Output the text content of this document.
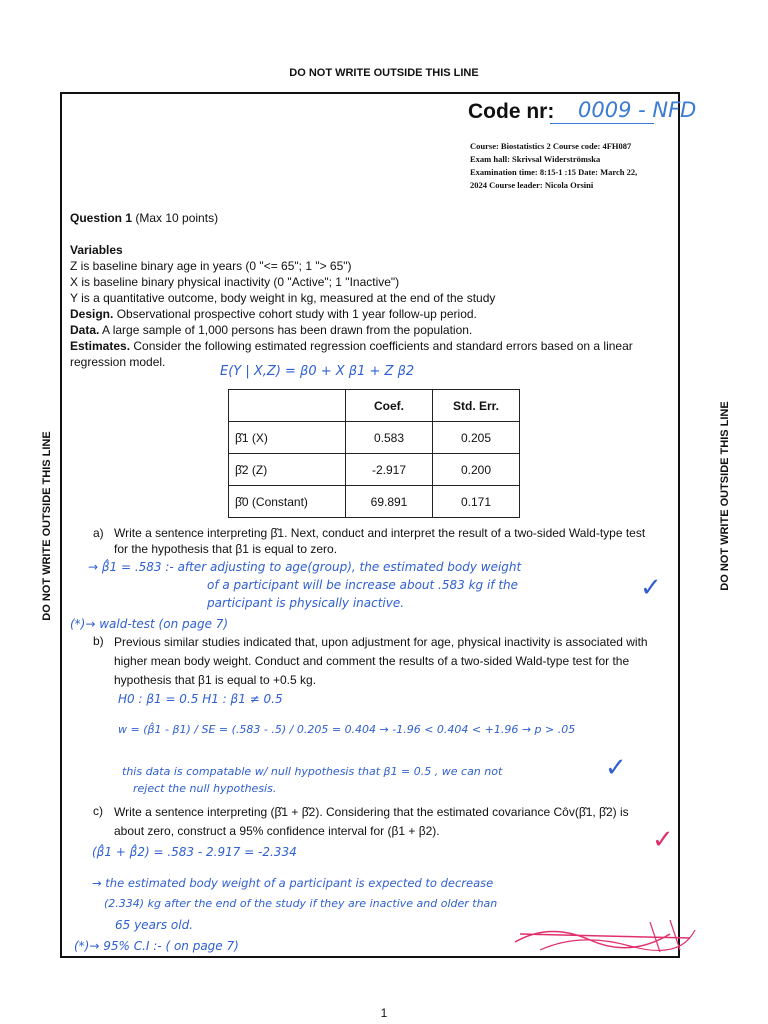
DO NOT WRITE OUTSIDE THIS LINE
DO NOT WRITE OUTSIDE THIS LINE	DO NOT WRITE OUTSIDE THIS LINE
Code nr: 0009 - NFD
Course: Biostatistics 2 Course code: 4FH087
Exam hall: Skrivsal Widerströmska
Examination time: 8:15-1 :15 Date: March 22,
2024 Course leader: Nicola Orsini
Question 1 (Max 10 points)
Variables
Z is baseline binary age in years (0 "<= 65"; 1 "> 65")
X is baseline binary physical inactivity (0 "Active"; 1 "Inactive")
Y is a quantitative outcome, body weight in kg, measured at the end of the study
Design. Observational prospective cohort study with 1 year follow-up period.
Data. A large sample of 1,000 persons has been drawn from the population.
Estimates. Consider the following estimated regression coefficients and standard errors based on a linear
regression model.
E(Y | X,Z) = β0 + X β1 + Z β2
	Coef.	Std. Err.
β̂1 (X)	0.583	0.205
β̂2 (Z)	-2.917	0.200
β̂0 (Constant)	69.891	0.171
a) Write a sentence interpreting β̂1. Next, conduct and interpret the result of a two-sided Wald-type test
for the hypothesis that β1 is equal to zero.
→ β̂1 = .583 :- after adjusting to age(group), the estimated body weight
of a participant will be increase about .583 kg if the
participant is physically inactive.
✓
(*)→ wald-test (on page 7)
b) Previous similar studies indicated that, upon adjustment for age, physical inactivity is associated with
higher mean body weight. Conduct and comment the results of a two-sided Wald-type test for the
hypothesis that β1 is equal to +0.5 kg.
H0 : β1 = 0.5 H1 : β1 ≠ 0.5
w = (β̂1 - β1) / SE = (.583 - .5) / 0.205 = 0.404 → -1.96 < 0.404 < +1.96 → p > .05
this data is compatable w/ null hypothesis that β1 = 0.5 , we can not
reject the null hypothesis.
✓
c) Write a sentence interpreting (β̂1 + β̂2). Considering that the estimated covariance Côv(β̂1, β̂2) is
about zero, construct a 95% confidence interval for (β1 + β2).	✓
(β̂1 + β̂2) = .583 - 2.917 = -2.334
→ the estimated body weight of a participant is expected to decrease
(2.334) kg after the end of the study if they are inactive and older than
65 years old.
(*)→ 95% C.I :- ( on page 7)
1
